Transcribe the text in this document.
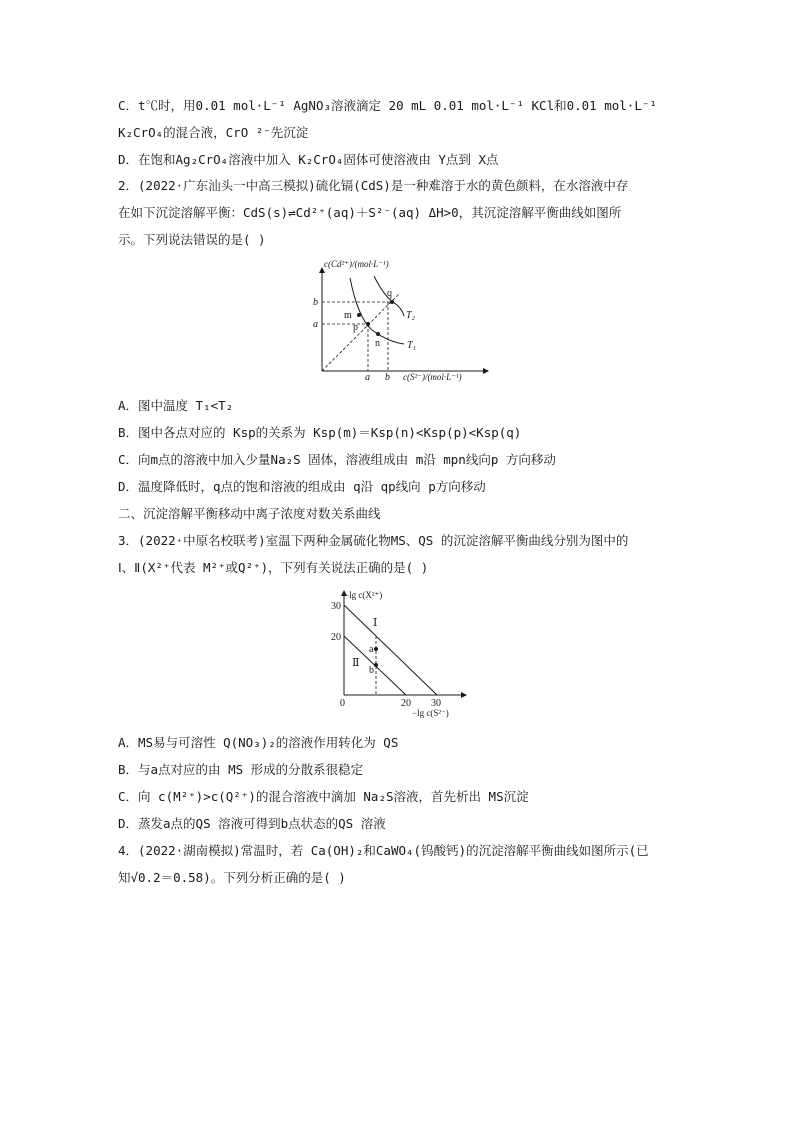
C．t℃时，用0.01 mol·L⁻¹ AgNO₃溶液滴定 20 mL 0.01 mol·L⁻¹ KCl和0.01 mol·L⁻¹
K₂CrO₄的混合液，CrO ²⁻先沉淀
D．在饱和Ag₂CrO₄溶液中加入 K₂CrO₄固体可使溶液由 Y点到 X点
2．(2022·广东汕头一中高三模拟)硫化镉(CdS)是一种难溶于水的黄色颜料，在水溶液中存
在如下沉淀溶解平衡：CdS(s)⇌Cd²⁺(aq)＋S²⁻(aq) ΔH>0，其沉淀溶解平衡曲线如图所
示。下列说法错误的是( )
c(Cd²⁺)/(mol·L⁻¹)
c(S²⁻)/(mol·L⁻¹)
b
a
a b
q
m
p
n
T₂
T₁
A．图中温度 T₁<T₂
B．图中各点对应的 Ksp的关系为 Ksp(m)＝Ksp(n)<Ksp(p)<Ksp(q)
C．向m点的溶液中加入少量Na₂S 固体，溶液组成由 m沿 mpn线向p 方向移动
D．温度降低时，q点的饱和溶液的组成由 q沿 qp线向 p方向移动
二、沉淀溶解平衡移动中离子浓度对数关系曲线
3．(2022·中原名校联考)室温下两种金属硫化物MS、QS 的沉淀溶解平衡曲线分别为图中的
Ⅰ、Ⅱ(X²⁺代表 M²⁺或Q²⁺)，下列有关说法正确的是( )
−lg c(X²⁺)
−lg c(S²⁻)
30
20
0	20 30
Ⅰ
Ⅱ
a
b
A．MS易与可溶性 Q(NO₃)₂的溶液作用转化为 QS
B．与a点对应的由 MS 形成的分散系很稳定
C．向 c(M²⁺)>c(Q²⁺)的混合溶液中滴加 Na₂S溶液，首先析出 MS沉淀
D．蒸发a点的QS 溶液可得到b点状态的QS 溶液
4．(2022·湖南模拟)常温时，若 Ca(OH)₂和CaWO₄(钨酸钙)的沉淀溶解平衡曲线如图所示(已
知√0.2＝0.58)。下列分析正确的是( )
